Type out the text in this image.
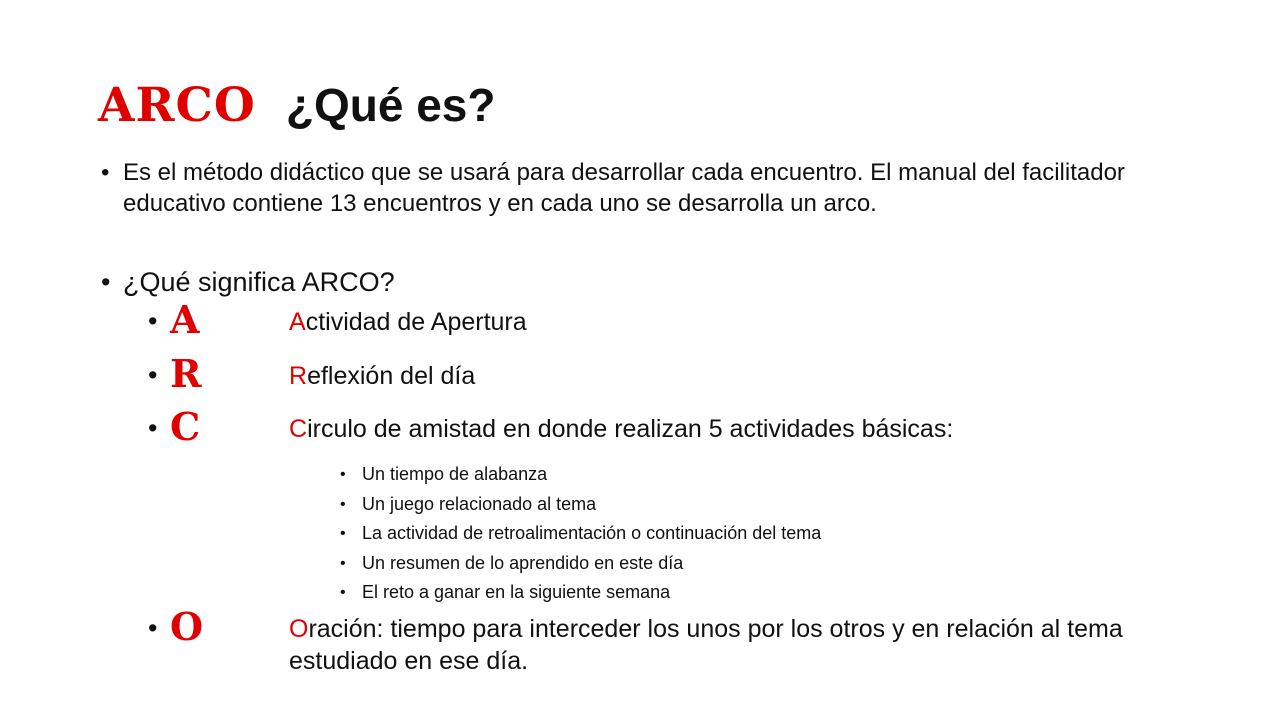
ARCO ¿Qué es?
• Es el método didáctico que se usará para desarrollar cada encuentro. El manual del facilitador educativo contiene 13 encuentros y en cada uno se desarrolla un arco.
• ¿Qué significa ARCO?
• A	Actividad de Apertura
• R	Reflexión del día
• C	Circulo de amistad en donde realizan 5 actividades básicas:
• Un tiempo de alabanza
• Un juego relacionado al tema
• La actividad de retroalimentación o continuación del tema
• Un resumen de lo aprendido en este día
• El reto a ganar en la siguiente semana
• O	Oración: tiempo para interceder los unos por los otros y en relación al tema estudiado en ese día.
